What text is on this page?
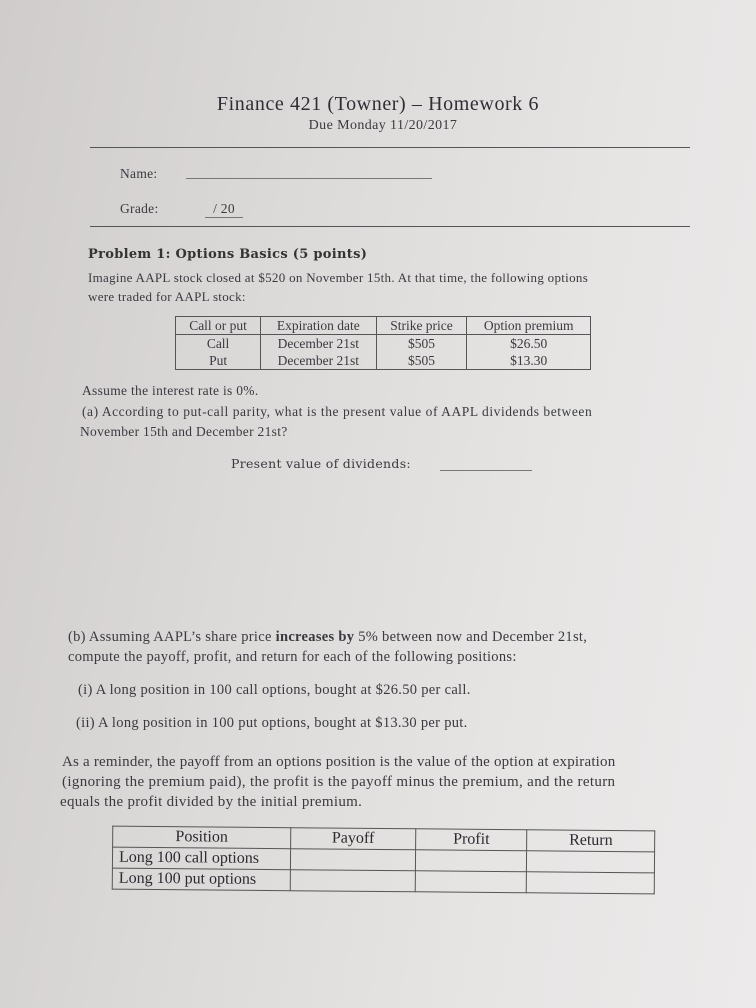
Finance 421 (Towner) – Homework 6
Due Monday 11/20/2017
Name:
Grade:	/ 20
Problem 1: Options Basics (5 points)
Imagine AAPL stock closed at $520 on November 15th. At that time, the following options
were traded for AAPL stock:
Call or put	Expiration date	Strike price	Option premium
Call	December 21st	$505	$26.50
Put	December 21st	$505	$13.30
Assume the interest rate is 0%.
(a) According to put-call parity, what is the present value of AAPL dividends between
November 15th and December 21st?
Present value of dividends:
(b) Assuming AAPL’s share price increases by 5% between now and December 21st,
compute the payoff, profit, and return for each of the following positions:
(i) A long position in 100 call options, bought at $26.50 per call.
(ii) A long position in 100 put options, bought at $13.30 per put.
As a reminder, the payoff from an options position is the value of the option at expiration
(ignoring the premium paid), the profit is the payoff minus the premium, and the return
equals the profit divided by the initial premium.
Position	Payoff	Profit	Return
Long 100 call options			
Long 100 put options			
